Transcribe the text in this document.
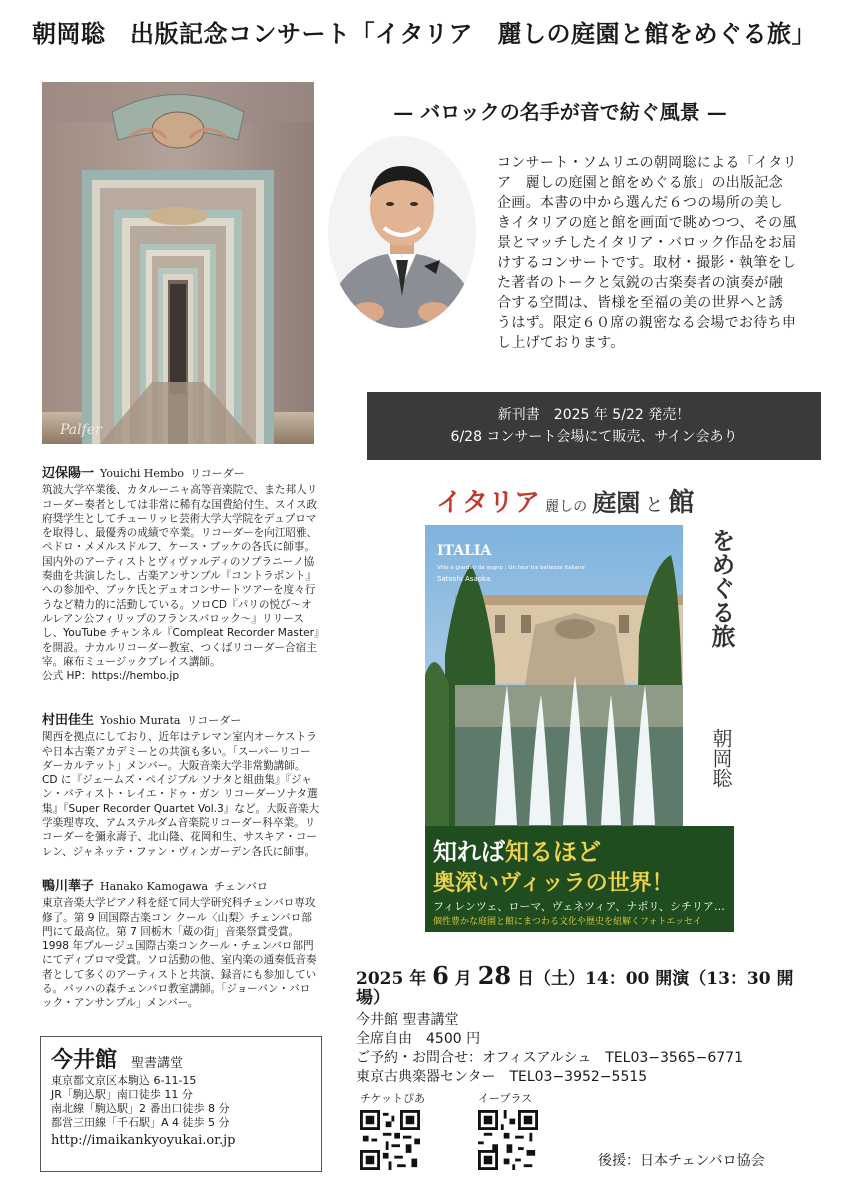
朝岡聡　出版記念コンサート「イタリア　麗しの庭園と館をめぐる旅」
Palfer
— バロックの名手が音で紡ぐ風景 —
コンサート・ソムリエの朝岡聡による「イタリア　麗しの庭園と館をめぐる旅」の出版記念企画。本書の中から選んだ６つの場所の美しきイタリアの庭と館を画面で眺めつつ、その風景とマッチしたイタリア・バロック作品をお届けするコンサートです。取材・撮影・執筆をした著者のトークと気鋭の古楽奏者の演奏が融合する空間は、皆様を至福の美の世界へと誘うはず。限定６０席の親密なる会場でお待ち申し上げております。
新刊書　2025 年 5/22 発売！
6/28 コンサート会場にて販売、サイン会あり
辺保陽一 Youichi Hembo リコーダー
筑波大学卒業後、カタルーニャ高等音楽院で、また邦人リコーダー奏者としては非常に稀有な国費給付生、スイス政府奨学生としてチューリッヒ芸術大学大学院をデュプロマを取得し、最優秀の成績で卒業。リコーダーを向江昭雅、ペドロ・メメルスドルフ、ケース・ブッケの各氏に師事。国内外のアーティストとヴィヴァルディのソプラニーノ協奏曲を共演したし、古楽アンサンブル『コントラポント』への参加や、ブッケ氏とデュオコンサートツアーを度々行うなど精力的に活動している。ソロCD『パリの悦び～オルレアン公フィリップのフランスバロック～』リリースし、YouTube チャンネル『Compleat Recorder Master』を開設。ナカルリコーダー教室、つくばリコーダー合宿主宰。麻布ミュージックプレイス講師。
公式 HP：https://hembo.jp
村田佳生 Yoshio Murata リコーダー
関西を拠点にしており、近年はテレマン室内オーケストラや日本古楽アカデミーとの共演も多い。「スーパーリコーダーカルテット」メンバー。大阪音楽大学非常勤講師。CD に『ジェームズ・ペイジブル ソナタと組曲集』『ジャン・バティスト・レイエ・ドゥ・ガン リコーダーソナタ選集』『Super Recorder Quartet Vol.3』など。大阪音楽大学楽理専攻、アムステルダム音楽院リコーダー科卒業。リコーダーを彌永壽子、北山隆、花岡和生、サスキア・コーレン、ジャネッテ・ファン・ヴィンガーデン各氏に師事。
鴨川華子 Hanako Kamogawa チェンバロ
東京音楽大学ピアノ科を経て同大学研究科チェンバロ専攻修了。第 9 回国際古楽コン クール〈山梨〉チェンバロ部門にて最高位。第 7 回栃木「蔵の街」音楽祭賞受賞。1998 年ブルージュ国際古楽コンクール・チェンバロ部門にてディプロマ受賞。ソロ活動の他、室内楽の通奏低音奏者として多くのアーティストと共演、録音にも参加している。バッハの森チェンバロ教室講師。「ジョーバン・バロック・アンサンブル」メンバー。
イタリア 麗しの 庭園 と 館
ITALIA
Ville e giardini da sogno : Un tour tra bellezze italiane
Satoshi Asaoka	をめぐる旅
朝岡聡
知れば知るほど
奥深いヴィッラの世界！
フィレンツェ、ローマ、ヴェネツィア、ナポリ、シチリア…
個性豊かな庭園と館にまつわる文化や歴史を紐解くフォトエッセイ
2025 年 6 月 28 日（土）14：00 開演（13：30 開場）
今井館 聖書講堂
全席自由　4500 円
ご予約・お問合せ：オフィスアルシュ　TEL03−3565−6771
東京古典楽器センター　TEL03−3952−5515
今井館 聖書講堂
東京都文京区本駒込 6-11-15
JR「駒込駅」南口徒歩 11 分
南北線「駒込駅」2 番出口徒歩 8 分
都営三田線「千石駅」A 4 徒歩 5 分
http://imaikankyoyukai.or.jp
チケットぴあ	イープラス
後援：日本チェンバロ協会
